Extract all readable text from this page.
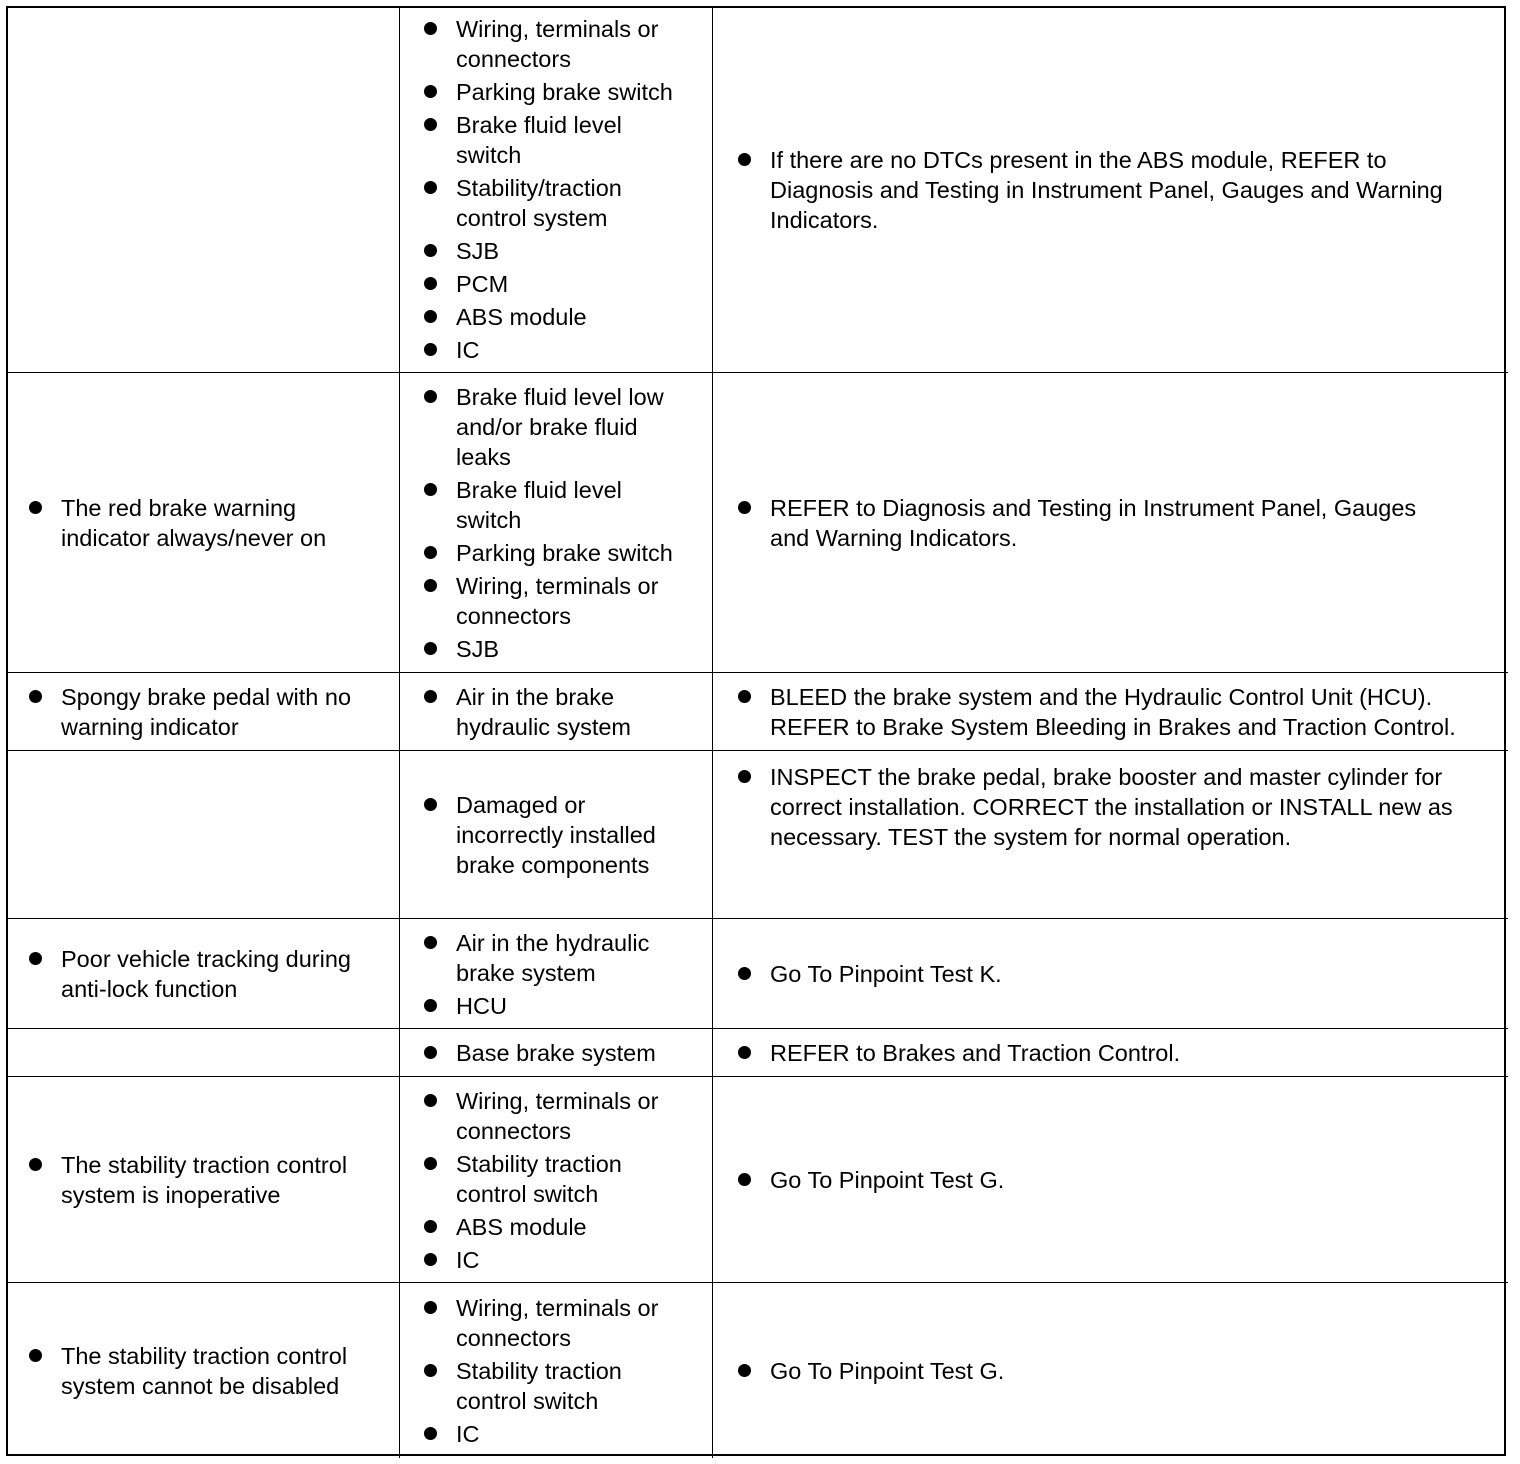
Wiring, terminals or
connectors
Parking brake switch
Brake fluid level
switch
Stability/traction
control system
SJB
PCM
ABS module
IC
If there are no DTCs present in the ABS module, REFER to
Diagnosis and Testing in Instrument Panel, Gauges and Warning
Indicators.
The red brake warning
indicator always/never on
Brake fluid level low
and/or brake fluid
leaks
Brake fluid level
switch
Parking brake switch
Wiring, terminals or
connectors
SJB
REFER to Diagnosis and Testing in Instrument Panel, Gauges
and Warning Indicators.
Spongy brake pedal with no
warning indicator
Air in the brake
hydraulic system
BLEED the brake system and the Hydraulic Control Unit (HCU).
REFER to Brake System Bleeding in Brakes and Traction Control.
Damaged or
incorrectly installed
brake components
INSPECT the brake pedal, brake booster and master cylinder for
correct installation. CORRECT the installation or INSTALL new as
necessary. TEST the system for normal operation.
Poor vehicle tracking during
anti-lock function
Air in the hydraulic
brake system
HCU
Go To Pinpoint Test K.
Base brake system	REFER to Brakes and Traction Control.
The stability traction control
system is inoperative
Wiring, terminals or
connectors
Stability traction
control switch
ABS module
IC
Go To Pinpoint Test G.
The stability traction control
system cannot be disabled
Wiring, terminals or
connectors
Stability traction
control switch
IC
Go To Pinpoint Test G.
